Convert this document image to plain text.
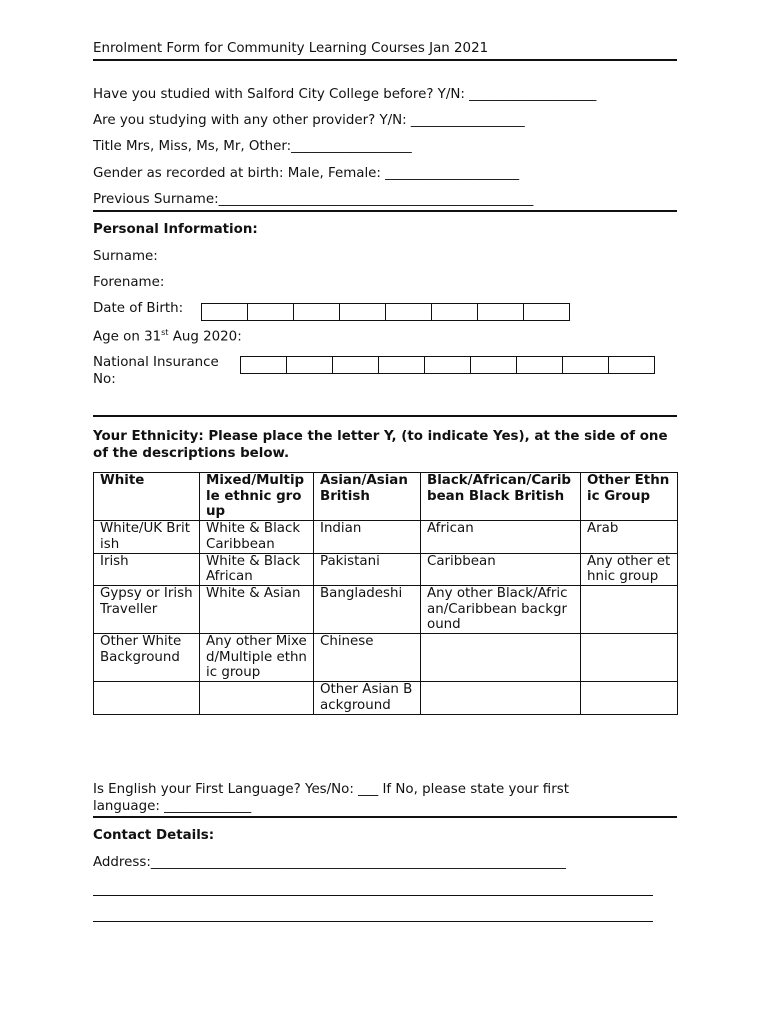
Enrolment Form for Community Learning Courses Jan 2021
Have you studied with Salford City College before? Y/N: ___________________
Are you studying with any other provider? Y/N: _________________
Title Mrs, Miss, Ms, Mr, Other:__________________
Gender as recorded at birth: Male, Female: ____________________
Previous Surname:_______________________________________________
Personal Information:
Surname:
Forename:
Date of Birth:
Age on 31st Aug 2020:
National Insurance
No:
Your Ethnicity: Please place the letter Y, (to indicate Yes), at the side of one of the descriptions below.
White	Mixed/Multiple ethnic group	Asian/Asian British	Black/African/Caribbean Black British	Other Ethnic Group
White/UK British	White & Black Caribbean	Indian	African	Arab
Irish	White & Black African	Pakistani	Caribbean	Any other ethnic group
Gypsy or Irish Traveller	White & Asian	Bangladeshi	Any other Black/African/Caribbean background	
Other White Background	Any other Mixed/Multiple ethnic group	Chinese		
		Other Asian Background		
Is English your First Language? Yes/No: ___ If No, please state your first
language: _____________
Contact Details:
Address:______________________________________________________________
